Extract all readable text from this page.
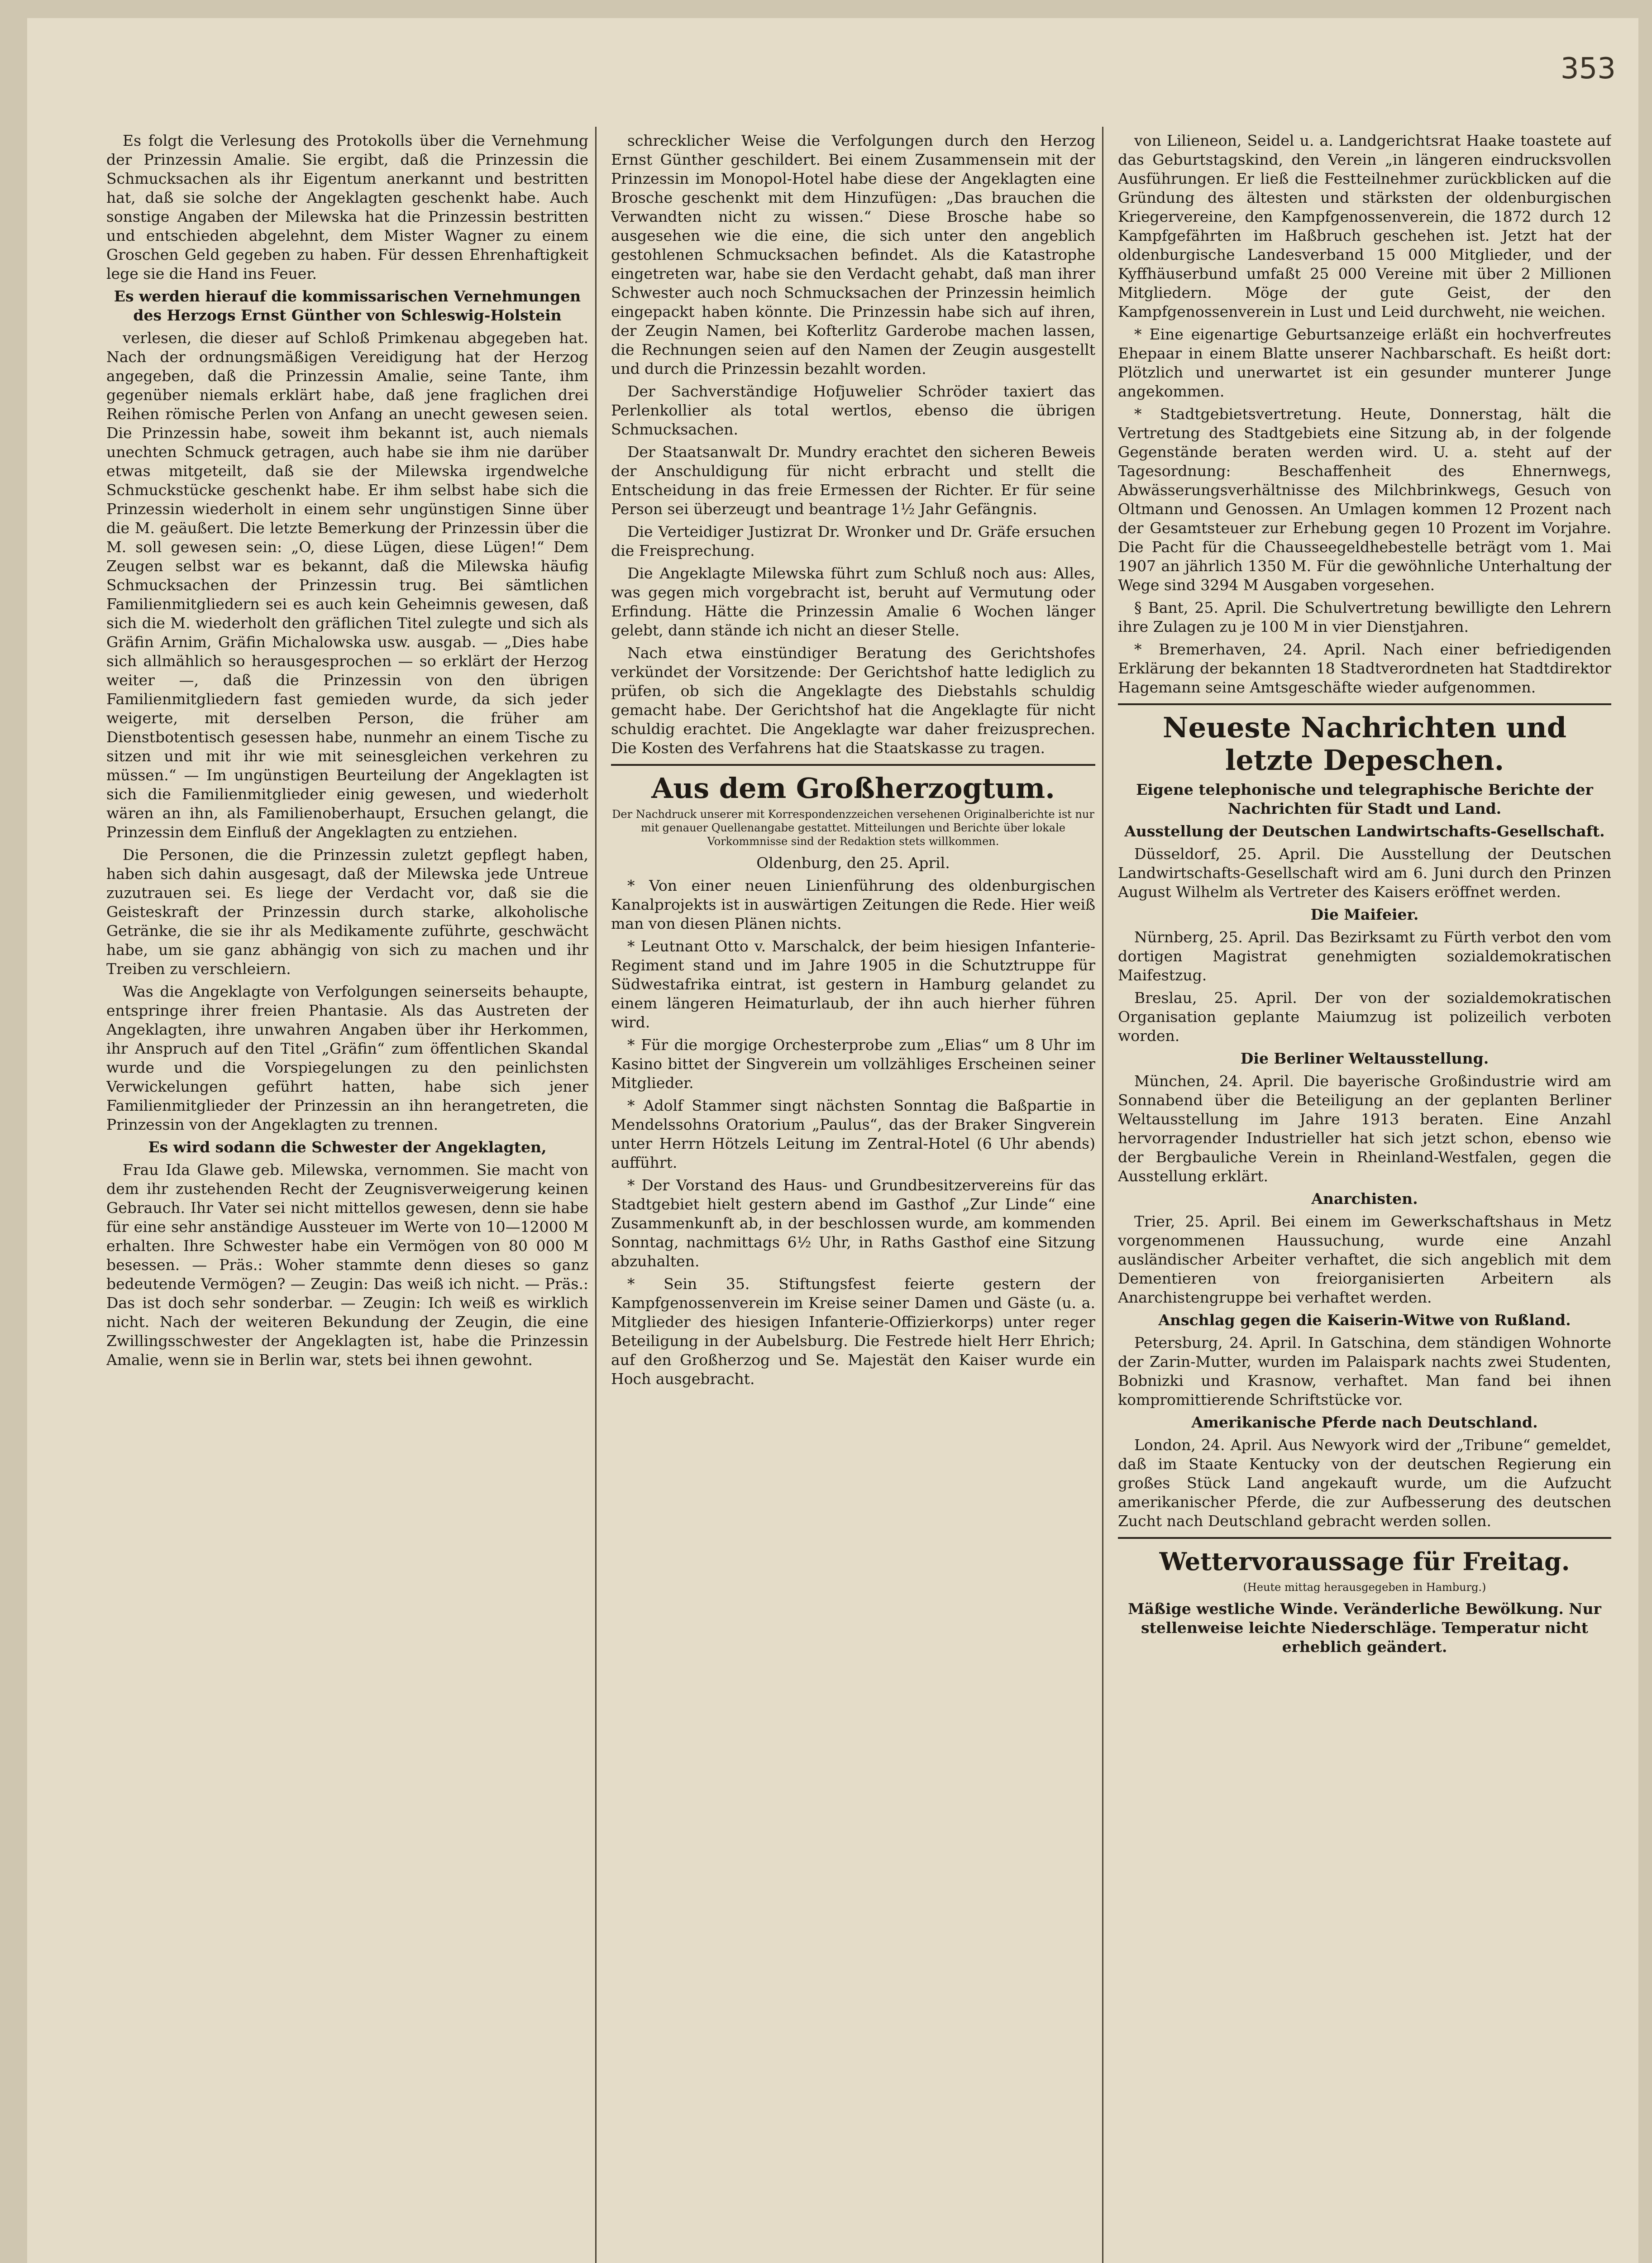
353

Es folgt die Verlesung des Protokolls über die Vernehmung der Prinzessin Amalie. Sie ergibt, daß die Prinzessin die Schmucksachen als ihr Eigentum anerkannt und bestritten hat, daß sie solche der Angeklagten geschenkt habe. Auch sonstige Angaben der Milewska hat die Prinzessin bestritten und entschieden abgelehnt, dem Mister Wagner zu einem Groschen Geld gegeben zu haben. Für dessen Ehrenhaftigkeit lege sie die Hand ins Feuer.

Es werden hierauf die kommissarischen Vernehmungen des Herzogs Ernst Günther von Schleswig-Holstein

verlesen, die dieser auf Schloß Primkenau abgegeben hat. Nach der ordnungsmäßigen Vereidigung hat der Herzog angegeben, daß die Prinzessin Amalie, seine Tante, ihm gegenüber niemals erklärt habe, daß jene fraglichen drei Reihen römische Perlen von Anfang an unecht gewesen seien. Die Prinzessin habe, soweit ihm bekannt ist, auch niemals unechten Schmuck getragen, auch habe sie ihm nie darüber etwas mitgeteilt, daß sie der Milewska irgendwelche Schmuckstücke geschenkt habe. Er ihm selbst habe sich die Prinzessin wiederholt in einem sehr ungünstigen Sinne über die M. geäußert. Die letzte Bemerkung der Prinzessin über die M. soll gewesen sein: „O, diese Lügen, diese Lügen!“ Dem Zeugen selbst war es bekannt, daß die Milewska häufig Schmucksachen der Prinzessin trug. Bei sämtlichen Familienmitgliedern sei es auch kein Geheimnis gewesen, daß sich die M. wiederholt den gräflichen Titel zulegte und sich als Gräfin Arnim, Gräfin Michalowska usw. ausgab. — „Dies habe sich allmählich so herausgesprochen — so erklärt der Herzog weiter —, daß die Prinzessin von den übrigen Familienmitgliedern fast gemieden wurde, da sich jeder weigerte, mit derselben Person, die früher am Dienstbotentisch gesessen habe, nunmehr an einem Tische zu sitzen und mit ihr wie mit seinesgleichen verkehren zu müssen.“ — Im ungünstigen Beurteilung der Angeklagten ist sich die Familienmitglieder einig gewesen, und wiederholt wären an ihn, als Familienoberhaupt, Ersuchen gelangt, die Prinzessin dem Einfluß der Angeklagten zu entziehen.

Die Personen, die die Prinzessin zuletzt gepflegt haben, haben sich dahin ausgesagt, daß der Milewska jede Untreue zuzutrauen sei. Es liege der Verdacht vor, daß sie die Geisteskraft der Prinzessin durch starke, alkoholische Getränke, die sie ihr als Medikamente zuführte, geschwächt habe, um sie ganz abhängig von sich zu machen und ihr Treiben zu verschleiern.

Was die Angeklagte von Verfolgungen seinerseits behaupte, entspringe ihrer freien Phantasie. Als das Austreten der Angeklagten, ihre unwahren Angaben über ihr Herkommen, ihr Anspruch auf den Titel „Gräfin“ zum öffentlichen Skandal wurde und die Vorspiegelungen zu den peinlichsten Verwickelungen geführt hatten, habe sich jener Familienmitglieder der Prinzessin an ihn herangetreten, die Prinzessin von der Angeklagten zu trennen.

Es wird sodann die Schwester der Angeklagten,

Frau Ida Glawe geb. Milewska, vernommen. Sie macht von dem ihr zustehenden Recht der Zeugnisverweigerung keinen Gebrauch. Ihr Vater sei nicht mittellos gewesen, denn sie habe für eine sehr anständige Aussteuer im Werte von 10—12000 M erhalten. Ihre Schwester habe ein Vermögen von 80 000 M besessen. — Präs.: Woher stammte denn dieses so ganz bedeutende Vermögen? — Zeugin: Das weiß ich nicht. — Präs.: Das ist doch sehr sonderbar. — Zeugin: Ich weiß es wirklich nicht. Nach der weiteren Bekundung der Zeugin, die eine Zwillingsschwester der Angeklagten ist, habe die Prinzessin Amalie, wenn sie in Berlin war, stets bei ihnen gewohnt.

schrecklicher Weise die Verfolgungen durch den Herzog Ernst Günther geschildert. Bei einem Zusammensein mit der Prinzessin im Monopol-Hotel habe diese der Angeklagten eine Brosche geschenkt mit dem Hinzufügen: „Das brauchen die Verwandten nicht zu wissen.“ Diese Brosche habe so ausgesehen wie die eine, die sich unter den angeblich gestohlenen Schmucksachen befindet. Als die Katastrophe eingetreten war, habe sie den Verdacht gehabt, daß man ihrer Schwester auch noch Schmucksachen der Prinzessin heimlich eingepackt haben könnte. Die Prinzessin habe sich auf ihren, der Zeugin Namen, bei Kofterlitz Garderobe machen lassen, die Rechnungen seien auf den Namen der Zeugin ausgestellt und durch die Prinzessin bezahlt worden.

Der Sachverständige Hofjuwelier Schröder taxiert das Perlenkollier als total wertlos, ebenso die übrigen Schmucksachen.

Der Staatsanwalt Dr. Mundry erachtet den sicheren Beweis der Anschuldigung für nicht erbracht und stellt die Entscheidung in das freie Ermessen der Richter. Er für seine Person sei überzeugt und beantrage 1½ Jahr Gefängnis.

Die Verteidiger Justizrat Dr. Wronker und Dr. Gräfe ersuchen die Freisprechung.

Die Angeklagte Milewska führt zum Schluß noch aus: Alles, was gegen mich vorgebracht ist, beruht auf Vermutung oder Erfindung. Hätte die Prinzessin Amalie 6 Wochen länger gelebt, dann stände ich nicht an dieser Stelle.

Nach etwa einstündiger Beratung des Gerichtshofes verkündet der Vorsitzende: Der Gerichtshof hatte lediglich zu prüfen, ob sich die Angeklagte des Diebstahls schuldig gemacht habe. Der Gerichtshof hat die Angeklagte für nicht schuldig erachtet. Die Angeklagte war daher freizusprechen. Die Kosten des Verfahrens hat die Staatskasse zu tragen.

Aus dem Großherzogtum.
Der Nachdruck unserer mit Korrespondenzzeichen versehenen Originalberichte ist nur mit genauer Quellenangabe gestattet. Mitteilungen und Berichte über lokale Vorkommnisse sind der Redaktion stets willkommen.
Oldenburg, den 25. April.

* Von einer neuen Linienführung des oldenburgischen Kanalprojekts ist in auswärtigen Zeitungen die Rede. Hier weiß man von diesen Plänen nichts.

* Leutnant Otto v. Marschalck, der beim hiesigen Infanterie-Regiment stand und im Jahre 1905 in die Schutztruppe für Südwestafrika eintrat, ist gestern in Hamburg gelandet zu einem längeren Heimaturlaub, der ihn auch hierher führen wird.

* Für die morgige Orchesterprobe zum „Elias“ um 8 Uhr im Kasino bittet der Singverein um vollzähliges Erscheinen seiner Mitglieder.

* Adolf Stammer singt nächsten Sonntag die Baßpartie in Mendelssohns Oratorium „Paulus“, das der Braker Singverein unter Herrn Hötzels Leitung im Zentral-Hotel (6 Uhr abends) aufführt.

* Der Vorstand des Haus- und Grundbesitzervereins für das Stadtgebiet hielt gestern abend im Gasthof „Zur Linde“ eine Zusammenkunft ab, in der beschlossen wurde, am kommenden Sonntag, nachmittags 6½ Uhr, in Raths Gasthof eine Sitzung abzuhalten.

* Sein 35. Stiftungsfest feierte gestern der Kampfgenossenverein im Kreise seiner Damen und Gäste (u. a. Mitglieder des hiesigen Infanterie-Offizierkorps) unter reger Beteiligung in der Aubelsburg. Die Festrede hielt Herr Ehrich; auf den Großherzog und Se. Majestät den Kaiser wurde ein Hoch ausgebracht.

von Lilieneon, Seidel u. a. Landgerichtsrat Haake toastete auf das Geburtstagskind, den Verein „in längeren eindrucksvollen Ausführungen. Er ließ die Festteilnehmer zurückblicken auf die Gründung des ältesten und stärksten der oldenburgischen Kriegervereine, den Kampfgenossenverein, die 1872 durch 12 Kampfgefährten im Haßbruch geschehen ist. Jetzt hat der oldenburgische Landesverband 15 000 Mitglieder, und der Kyffhäuserbund umfaßt 25 000 Vereine mit über 2 Millionen Mitgliedern. Möge der gute Geist, der den Kampfgenossenverein in Lust und Leid durchweht, nie weichen.

* Eine eigenartige Geburtsanzeige erläßt ein hochverfreutes Ehepaar in einem Blatte unserer Nachbarschaft. Es heißt dort: Plötzlich und unerwartet ist ein gesunder munterer Junge angekommen.

* Stadtgebietsvertretung. Heute, Donnerstag, hält die Vertretung des Stadtgebiets eine Sitzung ab, in der folgende Gegenstände beraten werden wird. U. a. steht auf der Tagesordnung: Beschaffenheit des Ehnernwegs, Abwässerungsverhältnisse des Milchbrinkwegs, Gesuch von Oltmann und Genossen. An Umlagen kommen 12 Prozent nach der Gesamtsteuer zur Erhebung gegen 10 Prozent im Vorjahre. Die Pacht für die Chausseegeldhebestelle beträgt vom 1. Mai 1907 an jährlich 1350 M. Für die gewöhnliche Unterhaltung der Wege sind 3294 M Ausgaben vorgesehen.

§ Bant, 25. April. Die Schulvertretung bewilligte den Lehrern ihre Zulagen zu je 100 M in vier Dienstjahren.

* Bremerhaven, 24. April. Nach einer befriedigenden Erklärung der bekannten 18 Stadtverordneten hat Stadtdirektor Hagemann seine Amtsgeschäfte wieder aufgenommen.

Neueste Nachrichten und letzte Depeschen.
Eigene telephonische und telegraphische Berichte der Nachrichten für Stadt und Land.
Ausstellung der Deutschen Landwirtschafts-Gesellschaft.

Düsseldorf, 25. April. Die Ausstellung der Deutschen Landwirtschafts-Gesellschaft wird am 6. Juni durch den Prinzen August Wilhelm als Vertreter des Kaisers eröffnet werden.

Die Maifeier.

Nürnberg, 25. April. Das Bezirksamt zu Fürth verbot den vom dortigen Magistrat genehmigten sozialdemokratischen Maifestzug.

Breslau, 25. April. Der von der sozialdemokratischen Organisation geplante Maiumzug ist polizeilich verboten worden.

Die Berliner Weltausstellung.

München, 24. April. Die bayerische Großindustrie wird am Sonnabend über die Beteiligung an der geplanten Berliner Weltausstellung im Jahre 1913 beraten. Eine Anzahl hervorragender Industrieller hat sich jetzt schon, ebenso wie der Bergbauliche Verein in Rheinland-Westfalen, gegen die Ausstellung erklärt.

Anarchisten.

Trier, 25. April. Bei einem im Gewerkschaftshaus in Metz vorgenommenen Haussuchung, wurde eine Anzahl ausländischer Arbeiter verhaftet, die sich angeblich mit dem Dementieren von freiorganisierten Arbeitern als Anarchistengruppe bei verhaftet werden.

Anschlag gegen die Kaiserin-Witwe von Rußland.

Petersburg, 24. April. In Gatschina, dem ständigen Wohnorte der Zarin-Mutter, wurden im Palaispark nachts zwei Studenten, Bobnizki und Krasnow, verhaftet. Man fand bei ihnen kompromittierende Schriftstücke vor.

Amerikanische Pferde nach Deutschland.

London, 24. April. Aus Newyork wird der „Tribune“ gemeldet, daß im Staate Kentucky von der deutschen Regierung ein großes Stück Land angekauft wurde, um die Aufzucht amerikanischer Pferde, die zur Aufbesserung des deutschen Zucht nach Deutschland gebracht werden sollen.

Wettervoraussage für Freitag.
(Heute mittag herausgegeben in Hamburg.)

Mäßige westliche Winde. Veränderliche Bewölkung. Nur stellenweise leichte Niederschläge. Temperatur nicht erheblich geändert.
